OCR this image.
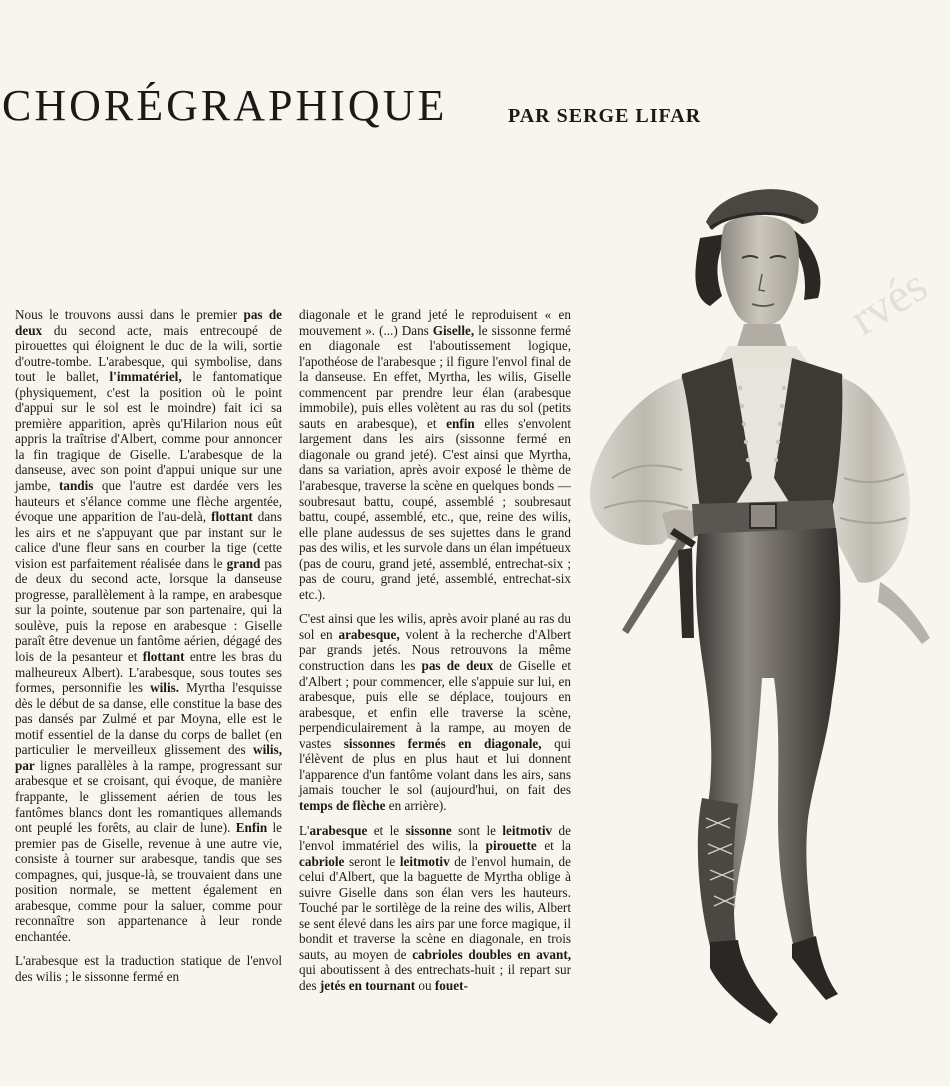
CHORÉGRAPHIQUE	PAR SERGE LIFAR

Nous le trouvons aussi dans le premier pas de deux du second acte, mais entrecoupé de pirouettes qui éloignent le duc de la wili, sortie d'outre-tombe. L'arabesque, qui symbolise, dans tout le ballet, l'immatériel, le fantomatique (physiquement, c'est la position où le point d'appui sur le sol est le moindre) fait ici sa première apparition, après qu'Hilarion nous eût appris la traîtrise d'Albert, comme pour annoncer la fin tragique de Giselle. L'arabesque de la danseuse, avec son point d'appui unique sur une jambe, tandis que l'autre est dardée vers les hauteurs et s'élance comme une flèche argentée, évoque une apparition de l'au-delà, flottant dans les airs et ne s'appuyant que par instant sur le calice d'une fleur sans en courber la tige (cette vision est parfaitement réalisée dans le grand pas de deux du second acte, lorsque la danseuse progresse, parallèlement à la rampe, en arabesque sur la pointe, soutenue par son partenaire, qui la soulève, puis la repose en arabesque : Giselle paraît être devenue un fantôme aérien, dégagé des lois de la pesanteur et flottant entre les bras du malheureux Albert). L'arabesque, sous toutes ses formes, personnifie les wilis. Myrtha l'esquisse dès le début de sa danse, elle constitue la base des pas dansés par Zulmé et par Moyna, elle est le motif essentiel de la danse du corps de ballet (en particulier le merveilleux glissement des wilis, par lignes parallèles à la rampe, progressant sur arabesque et se croisant, qui évoque, de manière frappante, le glissement aérien de tous les fantômes blancs dont les romantiques allemands ont peuplé les forêts, au clair de lune). Enfin le premier pas de Giselle, revenue à une autre vie, consiste à tourner sur arabesque, tandis que ses compagnes, qui, jusque-là, se trouvaient dans une position normale, se mettent également en arabesque, comme pour la saluer, comme pour reconnaître son appartenance à leur ronde enchantée.

L'arabesque est la traduction statique de l'envol des wilis ; le sissonne fermé en

diagonale et le grand jeté le reproduisent « en mouvement ». (...) Dans Giselle, le sissonne fermé en diagonale est l'aboutissement logique, l'apothéose de l'arabesque ; il figure l'envol final de la danseuse. En effet, Myrtha, les wilis, Giselle commencent par prendre leur élan (arabesque immobile), puis elles volètent au ras du sol (petits sauts en arabesque), et enfin elles s'envolent largement dans les airs (sissonne fermé en diagonale ou grand jeté). C'est ainsi que Myrtha, dans sa variation, après avoir exposé le thème de l'arabesque, traverse la scène en quelques bonds — soubresaut battu, coupé, assemblé ; soubresaut battu, coupé, assemblé, etc., que, reine des wilis, elle plane audessus de ses sujettes dans le grand pas des wilis, et les survole dans un élan impétueux (pas de couru, grand jeté, assemblé, entrechat-six ; pas de couru, grand jeté, assemblé, entrechat-six etc.).

C'est ainsi que les wilis, après avoir plané au ras du sol en arabesque, volent à la recherche d'Albert par grands jetés. Nous retrouvons la même construction dans les pas de deux de Giselle et d'Albert ; pour commencer, elle s'appuie sur lui, en arabesque, puis elle se déplace, toujours en arabesque, et enfin elle traverse la scène, perpendiculairement à la rampe, au moyen de vastes sissonnes fermés en diagonale, qui l'élèvent de plus en plus haut et lui donnent l'apparence d'un fantôme volant dans les airs, sans jamais toucher le sol (aujourd'hui, on fait des temps de flèche en arrière).

L'arabesque et le sissonne sont le leitmotiv de l'envol immatériel des wilis, la pirouette et la cabriole seront le leitmotiv de l'envol humain, de celui d'Albert, que la baguette de Myrtha oblige à suivre Giselle dans son élan vers les hauteurs. Touché par le sortilège de la reine des wilis, Albert se sent élevé dans les airs par une force magique, il bondit et traverse la scène en diagonale, en trois sauts, au moyen de cabrioles doubles en avant, qui aboutissent à des entrechats-huit ; il repart sur des jetés en tournant ou fouet-

rvés
